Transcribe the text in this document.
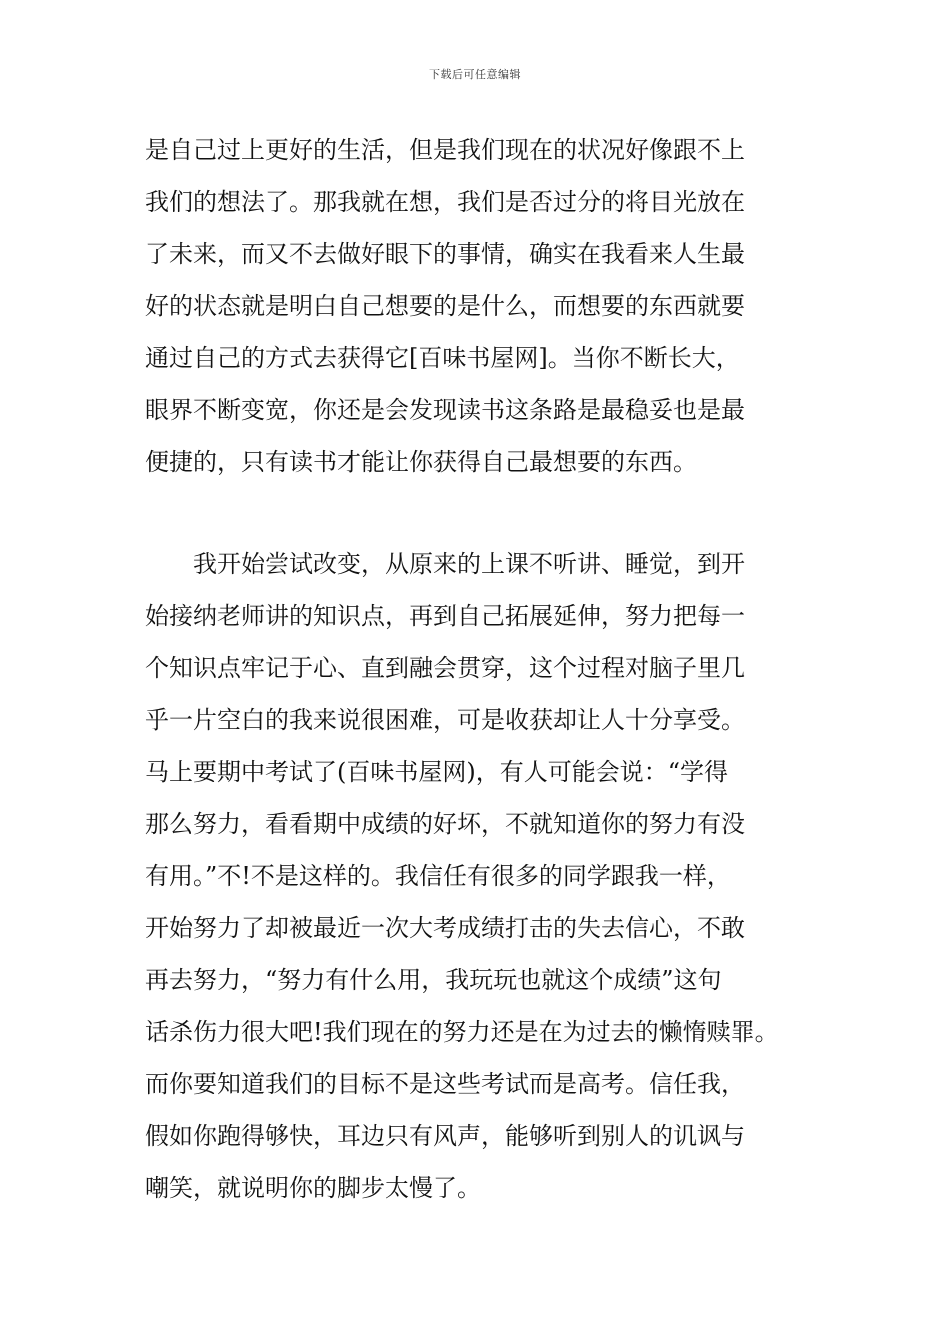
下载后可任意编辑
是自己过上更好的生活，但是我们现在的状况好像跟不上
我们的想法了。那我就在想，我们是否过分的将目光放在
了未来，而又不去做好眼下的事情，确实在我看来人生最
好的状态就是明白自己想要的是什么，而想要的东西就要
通过自己的方式去获得它[百味书屋网]。当你不断长大，
眼界不断变宽，你还是会发现读书这条路是最稳妥也是最
便捷的，只有读书才能让你获得自己最想要的东西。
　　我开始尝试改变，从原来的上课不听讲、睡觉，到开
始接纳老师讲的知识点，再到自己拓展延伸，努力把每一
个知识点牢记于心、直到融会贯穿，这个过程对脑子里几
乎一片空白的我来说很困难，可是收获却让人十分享受。
马上要期中考试了(百味书屋网)，有人可能会说：“学得
那么努力，看看期中成绩的好坏，不就知道你的努力有没
有用。”不!不是这样的。我信任有很多的同学跟我一样，
开始努力了却被最近一次大考成绩打击的失去信心，不敢
再去努力，“努力有什么用，我玩玩也就这个成绩”这句
话杀伤力很大吧!我们现在的努力还是在为过去的懒惰赎罪。
而你要知道我们的目标不是这些考试而是高考。信任我，
假如你跑得够快，耳边只有风声，能够听到别人的讥讽与
嘲笑，就说明你的脚步太慢了。
